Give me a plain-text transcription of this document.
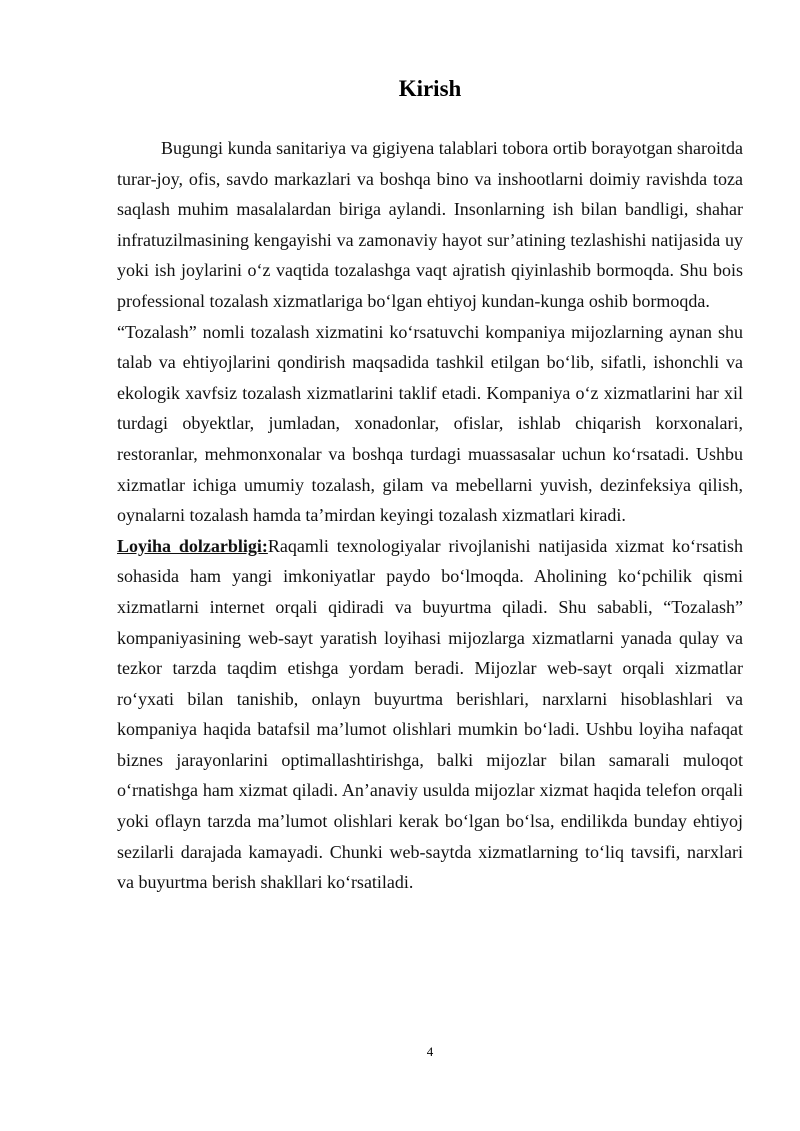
Kirish

Bugungi kunda sanitariya va gigiyena talablari tobora ortib borayotgan sharoitda turar-joy, ofis, savdo markazlari va boshqa bino va inshootlarni doimiy ravishda toza saqlash muhim masalalardan biriga aylandi. Insonlarning ish bilan bandligi, shahar infratuzilmasining kengayishi va zamonaviy hayot sur’atining tezlashishi natijasida uy yoki ish joylarini o‘z vaqtida tozalashga vaqt ajratish qiyinlashib bormoqda. Shu bois professional tozalash xizmatlariga bo‘lgan ehtiyoj kundan-kunga oshib bormoqda.

“Tozalash” nomli tozalash xizmatini ko‘rsatuvchi kompaniya mijozlarning aynan shu talab va ehtiyojlarini qondirish maqsadida tashkil etilgan bo‘lib, sifatli, ishonchli va ekologik xavfsiz tozalash xizmatlarini taklif etadi. Kompaniya o‘z xizmatlarini har xil turdagi obyektlar, jumladan, xonadonlar, ofislar, ishlab chiqarish korxonalari, restoranlar, mehmonxonalar va boshqa turdagi muassasalar uchun ko‘rsatadi. Ushbu xizmatlar ichiga umumiy tozalash, gilam va mebellarni yuvish, dezinfeksiya qilish, oynalarni tozalash hamda ta’mirdan keyingi tozalash xizmatlari kiradi.

Loyiha dolzarbligi:Raqamli texnologiyalar rivojlanishi natijasida xizmat ko‘rsatish sohasida ham yangi imkoniyatlar paydo bo‘lmoqda. Aholining ko‘pchilik qismi xizmatlarni internet orqali qidiradi va buyurtma qiladi. Shu sababli, “Tozalash” kompaniyasining web-sayt yaratish loyihasi mijozlarga xizmatlarni yanada qulay va tezkor tarzda taqdim etishga yordam beradi. Mijozlar web-sayt orqali xizmatlar ro‘yxati bilan tanishib, onlayn buyurtma berishlari, narxlarni hisoblashlari va kompaniya haqida batafsil ma’lumot olishlari mumkin bo‘ladi. Ushbu loyiha nafaqat biznes jarayonlarini optimallashtirishga, balki mijozlar bilan samarali muloqot o‘rnatishga ham xizmat qiladi. An’anaviy usulda mijozlar xizmat haqida telefon orqali yoki oflayn tarzda ma’lumot olishlari kerak bo‘lgan bo‘lsa, endilikda bunday ehtiyoj sezilarli darajada kamayadi. Chunki web-saytda xizmatlarning to‘liq tavsifi, narxlari va buyurtma berish shakllari ko‘rsatiladi.

4
